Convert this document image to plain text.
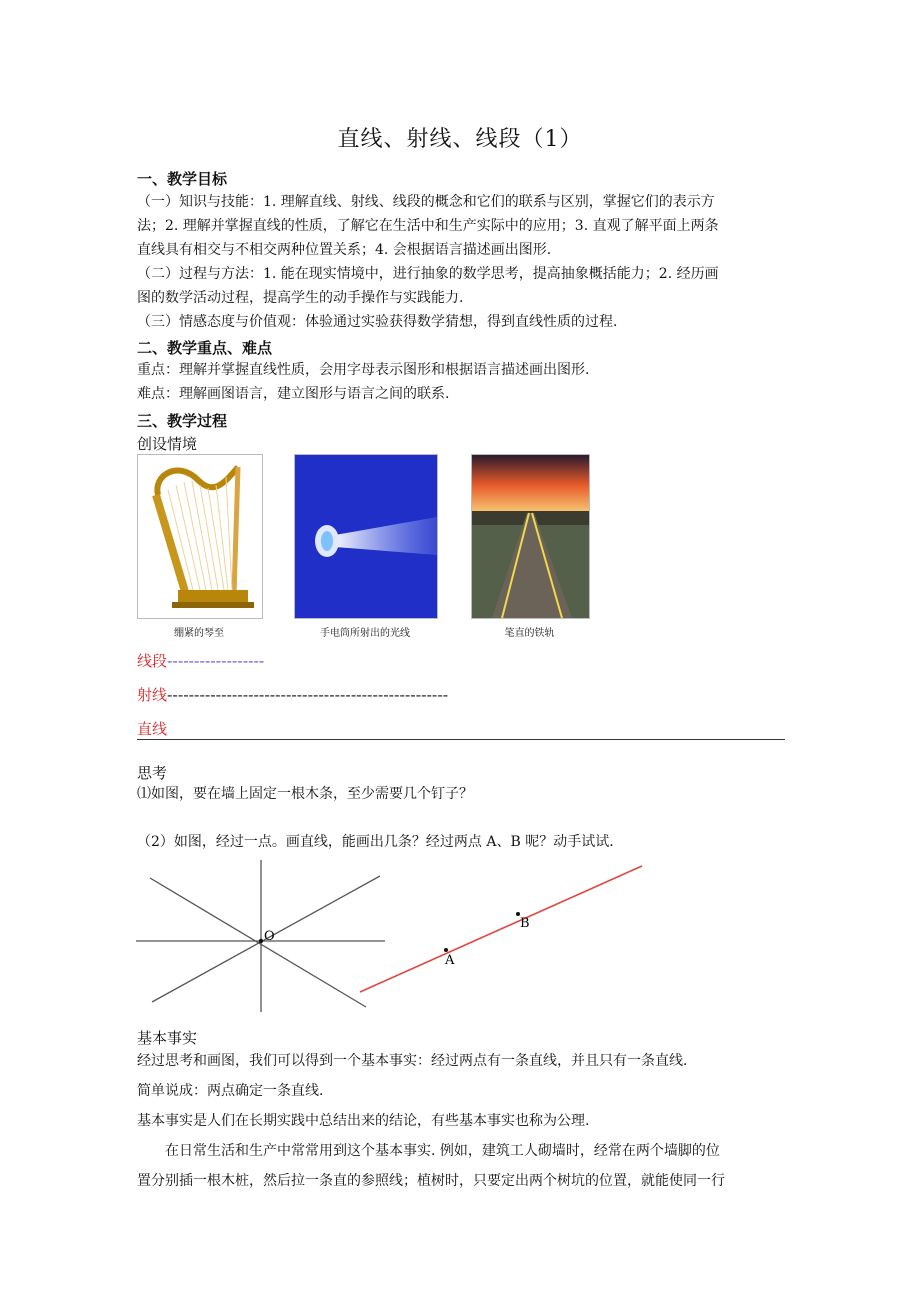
直线、射线、线段（1）
一、教学目标
（一）知识与技能：1. 理解直线、射线、线段的概念和它们的联系与区别，掌握它们的表示方
法；2. 理解并掌握直线的性质，了解它在生活中和生产实际中的应用；3. 直观了解平面上两条
直线具有相交与不相交两种位置关系；4. 会根据语言描述画出图形.
（二）过程与方法：1. 能在现实情境中，进行抽象的数学思考，提高抽象概括能力；2. 经历画
图的数学活动过程，提高学生的动手操作与实践能力.
（三）情感态度与价值观：体验通过实验获得数学猜想，得到直线性质的过程.
二、教学重点、难点
重点：理解并掌握直线性质，会用字母表示图形和根据语言描述画出图形.
难点：理解画图语言，建立图形与语言之间的联系.
三、教学过程
创设情境
绷紧的琴至	手电筒所射出的光线	笔直的铁轨
线段------------------
射线----------------------------------------------------
直线
思考
⑴如图，要在墙上固定一根木条，至少需要几个钉子？
（2）如图，经过一点。画直线，能画出几条？经过两点 A、B 呢？动手试试.
O
A
B
基本事实
经过思考和画图，我们可以得到一个基本事实：经过两点有一条直线，并且只有一条直线.
简单说成：两点确定一条直线.
基本事实是人们在长期实践中总结出来的结论，有些基本事实也称为公理.
　　在日常生活和生产中常常用到这个基本事实. 例如，建筑工人砌墙时，经常在两个墙脚的位
置分别插一根木桩，然后拉一条直的参照线；植树时，只要定出两个树坑的位置，就能使同一行
